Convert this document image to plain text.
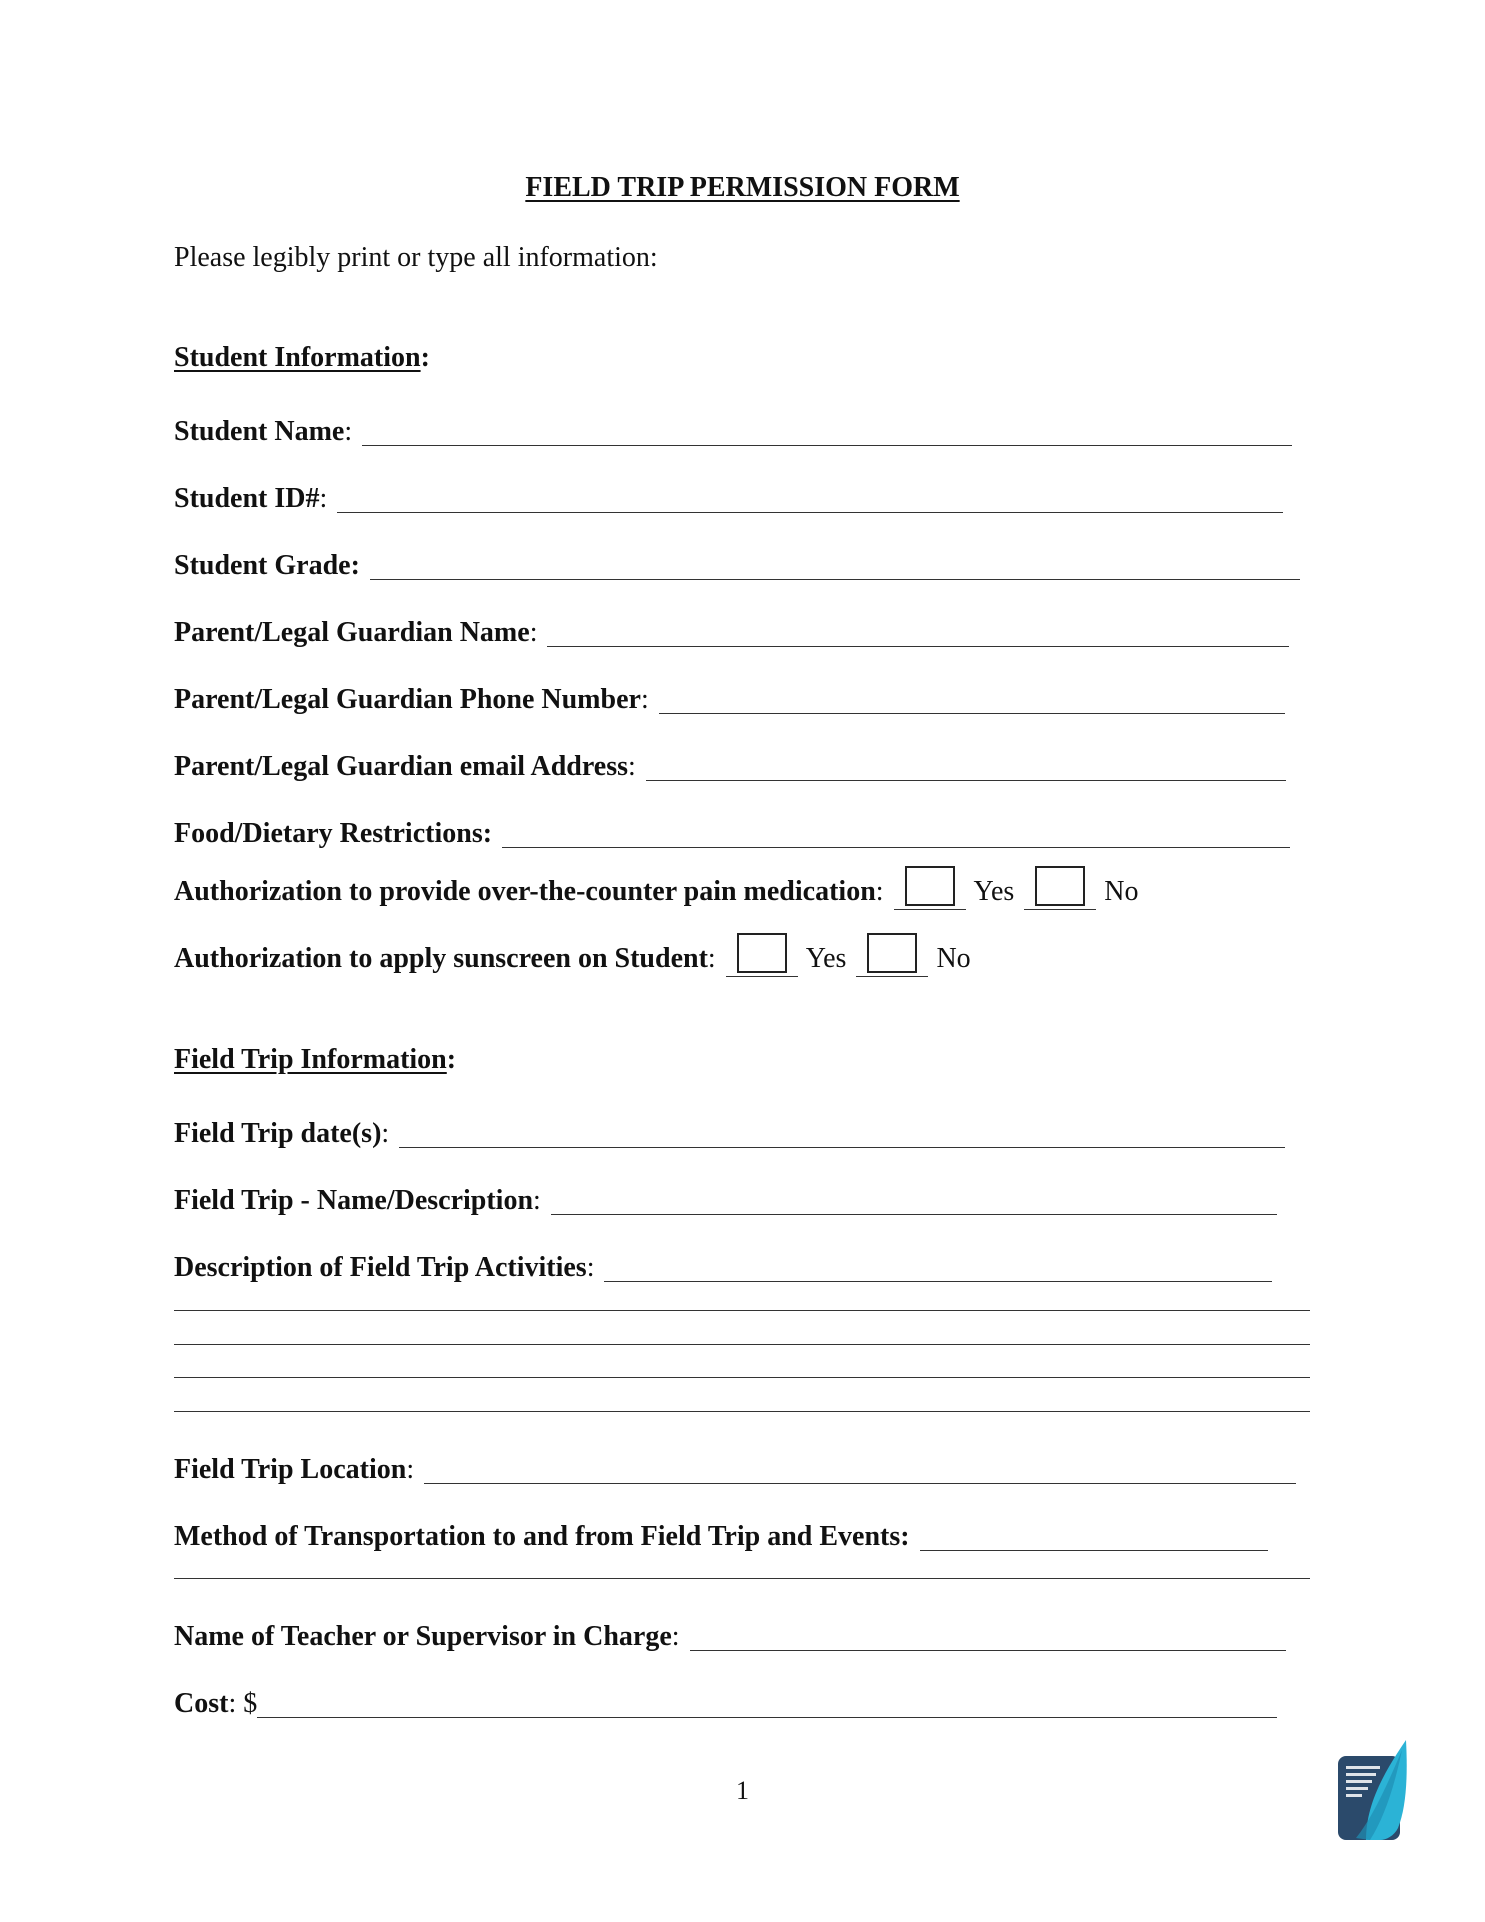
FIELD TRIP PERMISSION FORM
Please legibly print or type all information:
Student Information:
Student Name :
Student ID# :
Student Grade:
Parent/Legal Guardian Name :
Parent/Legal Guardian Phone Number :
Parent/Legal Guardian email Address :
Food/Dietary Restrictions:
Authorization to provide over-the-counter pain medication :	Yes	No
Authorization to apply sunscreen on Student :	Yes	No
Field Trip Information:
Field Trip date(s) :
Field Trip - Name/Description :
Description of Field Trip Activities :
Field Trip Location :
Method of Transportation to and from Field Trip and Events:
Name of Teacher or Supervisor in Charge :
Cost : $
1
